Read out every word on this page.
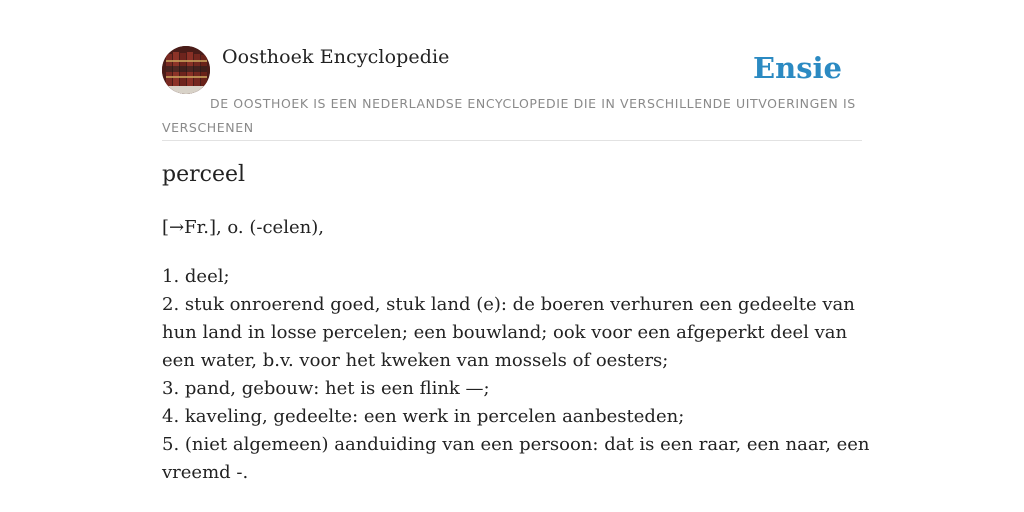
Oosthoek Encyclopedie	Ensie
DE OOSTHOEK IS EEN NEDERLANDSE ENCYCLOPEDIE DIE IN VERSCHILLENDE UITVOERINGEN IS VERSCHENEN
perceel
[→Fr.], o. (-celen),
1. deel;
2. stuk onroerend goed, stuk land (e): de boeren verhuren een gedeelte van hun land in losse percelen; een bouwland; ook voor een afgeperkt deel van een water, b.v. voor het kweken van mossels of oesters;
3. pand, gebouw: het is een flink —;
4. kaveling, gedeelte: een werk in percelen aanbesteden;
5. (niet algemeen) aanduiding van een persoon: dat is een raar, een naar, een vreemd -.
